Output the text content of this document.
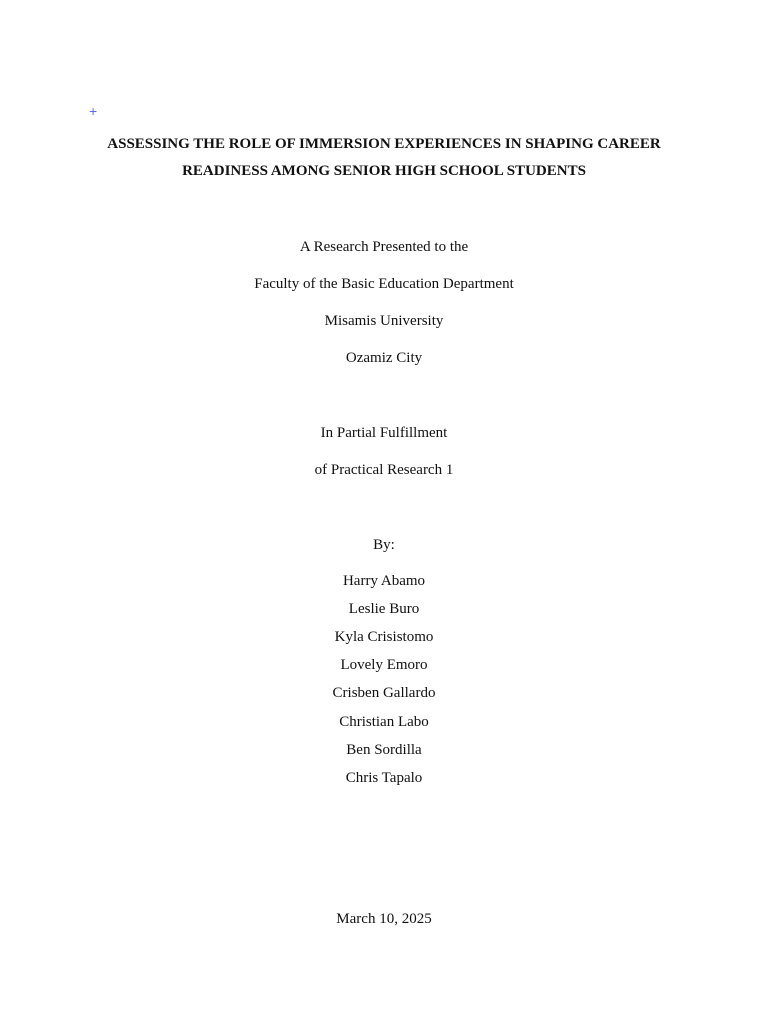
+
ASSESSING THE ROLE OF IMMERSION EXPERIENCES IN SHAPING CAREER
READINESS AMONG SENIOR HIGH SCHOOL STUDENTS
A Research Presented to the
Faculty of the Basic Education Department
Misamis University
Ozamiz City
In Partial Fulfillment
of Practical Research 1
By:
Harry Abamo
Leslie Buro
Kyla Crisistomo
Lovely Emoro
Crisben Gallardo
Christian Labo
Ben Sordilla
Chris Tapalo
March 10, 2025
